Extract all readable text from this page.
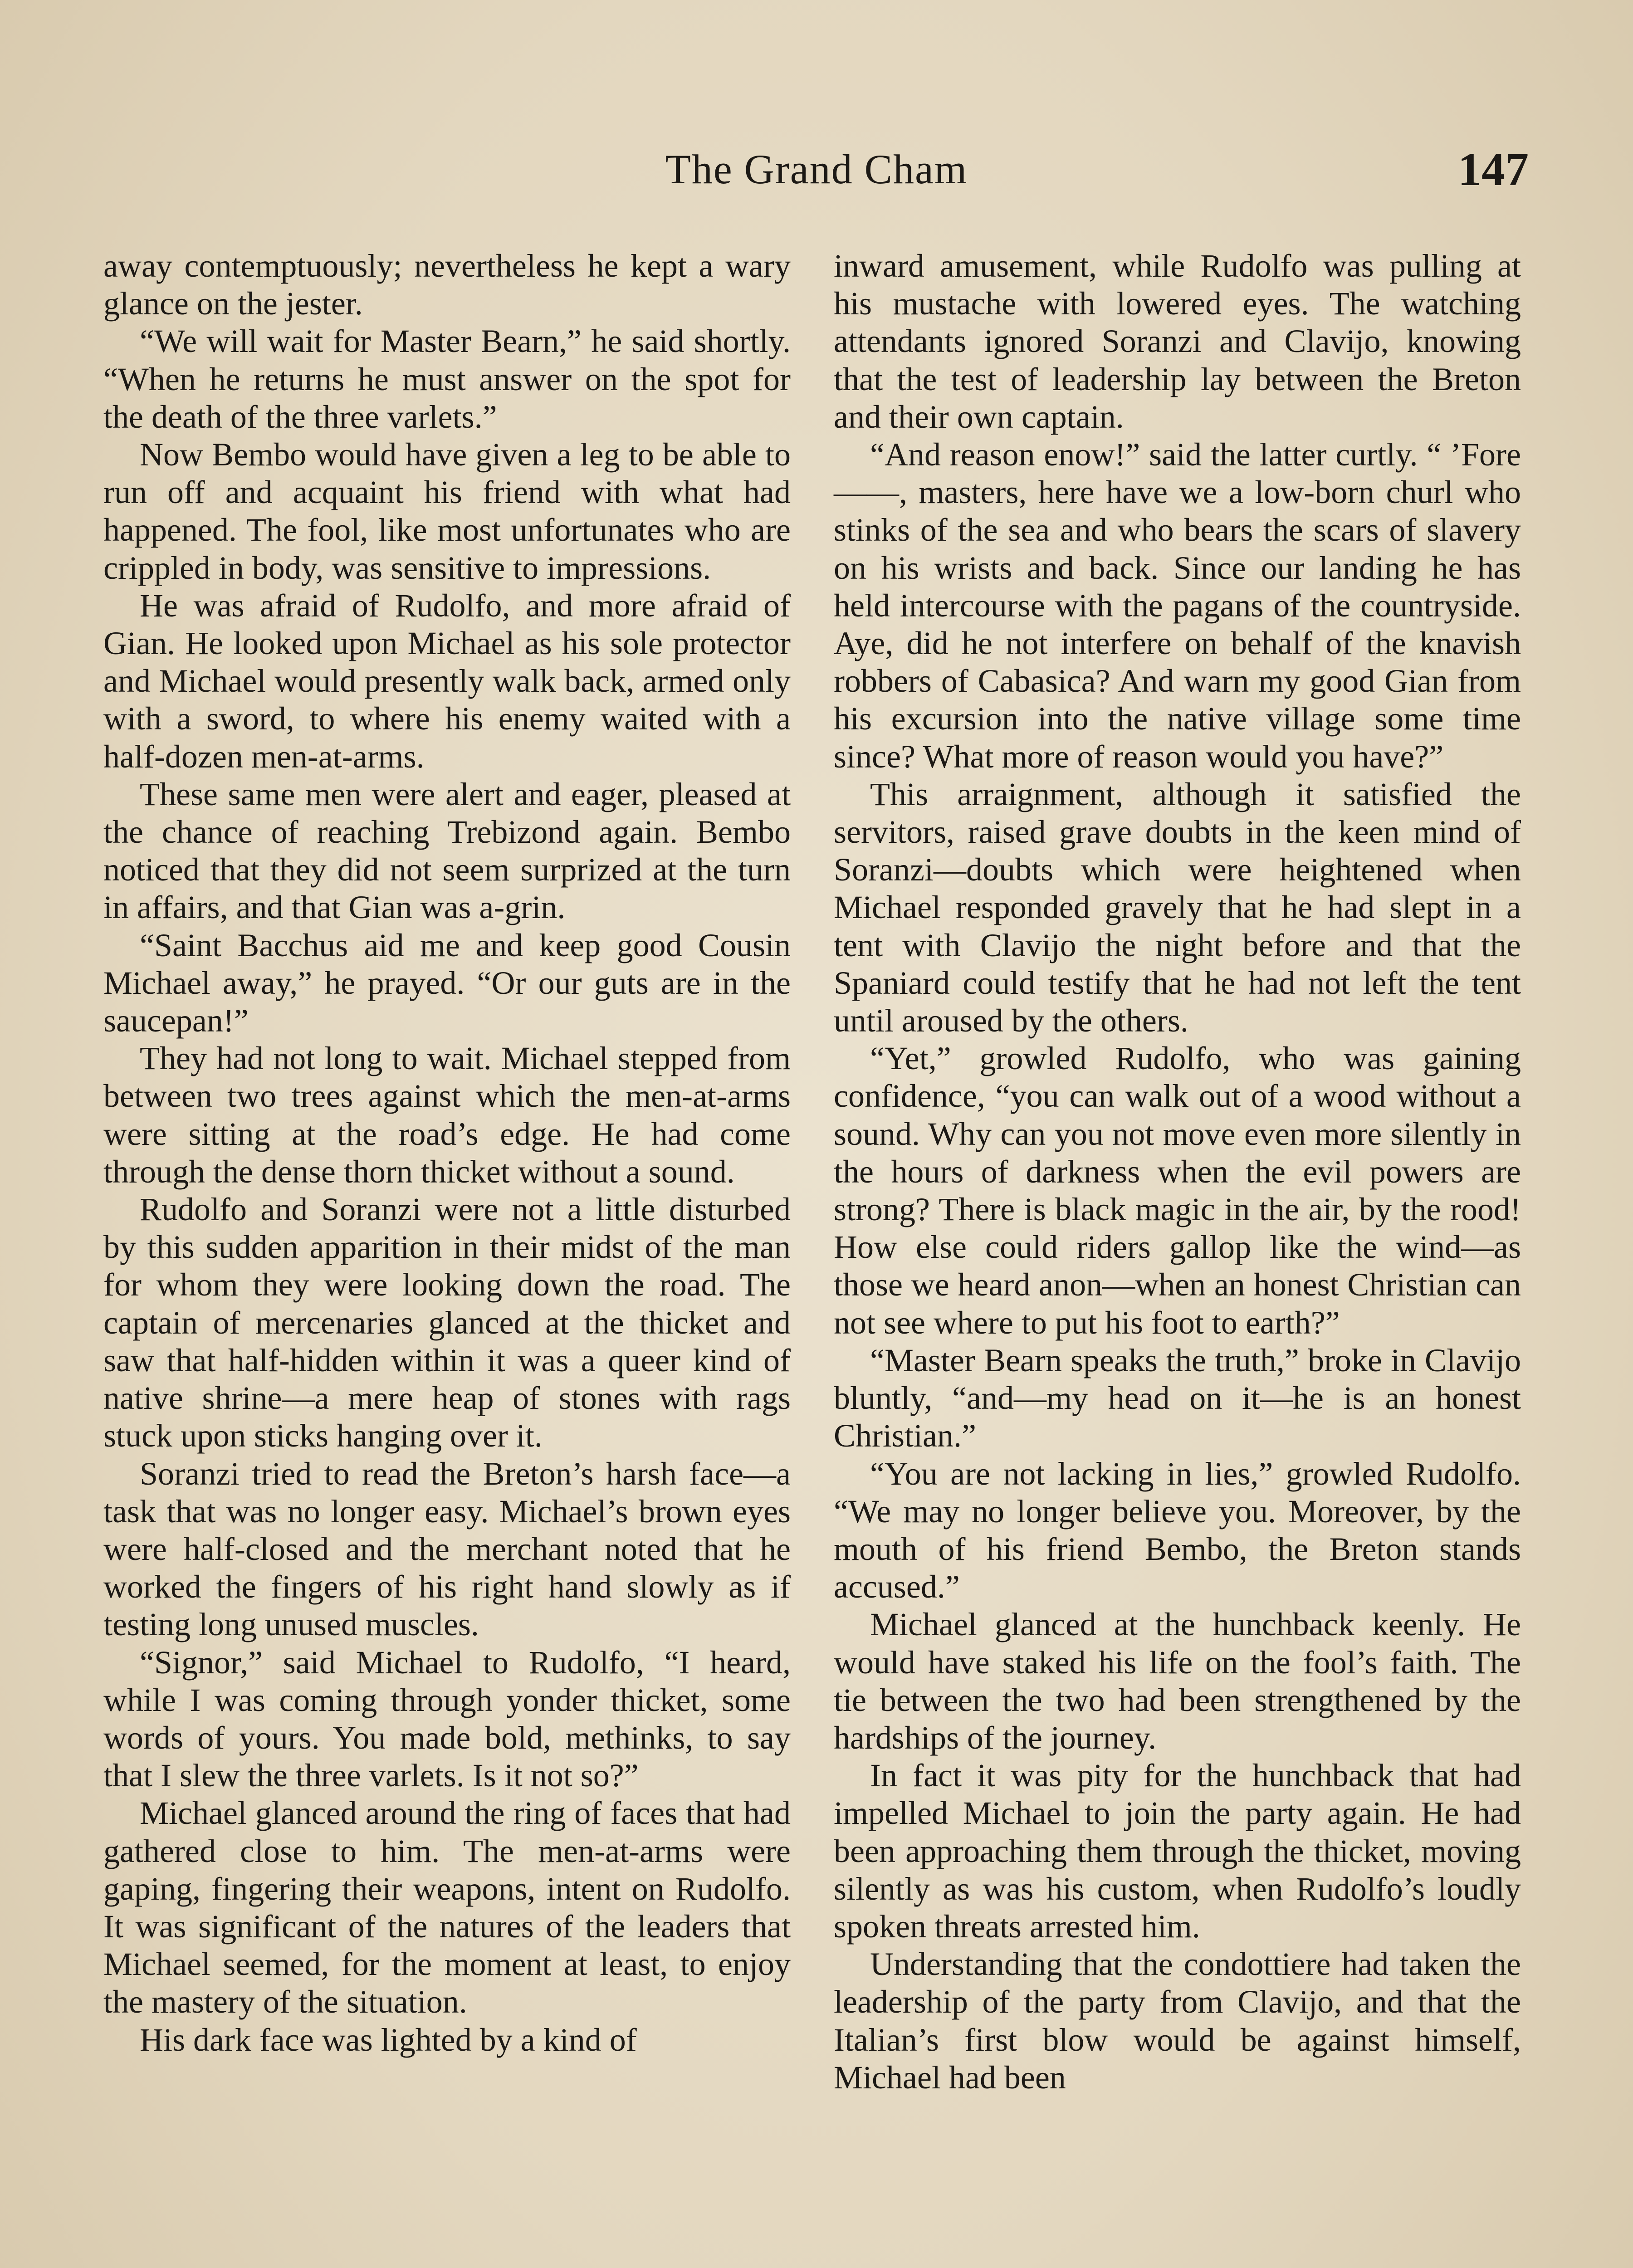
The Grand Cham	147

away contemptuously; nevertheless he kept a wary glance on the jester.

“We will wait for Master Bearn,” he said shortly. “When he returns he must answer on the spot for the death of the three varlets.”

Now Bembo would have given a leg to be able to run off and acquaint his friend with what had happened. The fool, like most unfortunates who are crippled in body, was sensitive to impressions.

He was afraid of Rudolfo, and more afraid of Gian. He looked upon Michael as his sole protector and Michael would presently walk back, armed only with a sword, to where his enemy waited with a half-dozen men-at-arms.

These same men were alert and eager, pleased at the chance of reaching Trebizond again. Bembo noticed that they did not seem surprized at the turn in affairs, and that Gian was a-grin.

“Saint Bacchus aid me and keep good Cousin Michael away,” he prayed. “Or our guts are in the saucepan!”

They had not long to wait. Michael stepped from between two trees against which the men-at-arms were sitting at the road’s edge. He had come through the dense thorn thicket without a sound.

Rudolfo and Soranzi were not a little disturbed by this sudden apparition in their midst of the man for whom they were looking down the road. The captain of mercenaries glanced at the thicket and saw that half-hidden within it was a queer kind of native shrine—a mere heap of stones with rags stuck upon sticks hanging over it.

Soranzi tried to read the Breton’s harsh face—a task that was no longer easy. Michael’s brown eyes were half-closed and the merchant noted that he worked the fingers of his right hand slowly as if testing long unused muscles.

“Signor,” said Michael to Rudolfo, “I heard, while I was coming through yonder thicket, some words of yours. You made bold, methinks, to say that I slew the three varlets. Is it not so?”

Michael glanced around the ring of faces that had gathered close to him. The men-at-arms were gaping, fingering their weapons, intent on Rudolfo. It was significant of the natures of the leaders that Michael seemed, for the moment at least, to enjoy the mastery of the situation.

His dark face was lighted by a kind of

inward amusement, while Rudolfo was pulling at his mustache with lowered eyes. The watching attendants ignored Soranzi and Clavijo, knowing that the test of leadership lay between the Breton and their own captain.

“And reason enow!” said the latter curtly. “ ’Fore ——, masters, here have we a low-born churl who stinks of the sea and who bears the scars of slavery on his wrists and back. Since our landing he has held intercourse with the pagans of the countryside. Aye, did he not interfere on behalf of the knavish robbers of Cabasica? And warn my good Gian from his excursion into the native village some time since? What more of reason would you have?”

This arraignment, although it satisfied the servitors, raised grave doubts in the keen mind of Soranzi—doubts which were heightened when Michael responded gravely that he had slept in a tent with Clavijo the night before and that the Spaniard could testify that he had not left the tent until aroused by the others.

“Yet,” growled Rudolfo, who was gaining confidence, “you can walk out of a wood without a sound. Why can you not move even more silently in the hours of darkness when the evil powers are strong? There is black magic in the air, by the rood! How else could riders gallop like the wind—as those we heard anon—when an honest Christian can not see where to put his foot to earth?”

“Master Bearn speaks the truth,” broke in Clavijo bluntly, “and—my head on it—he is an honest Christian.”

“You are not lacking in lies,” growled Rudolfo. “We may no longer believe you. Moreover, by the mouth of his friend Bembo, the Breton stands accused.”

Michael glanced at the hunchback keenly. He would have staked his life on the fool’s faith. The tie between the two had been strengthened by the hardships of the journey.

In fact it was pity for the hunchback that had impelled Michael to join the party again. He had been approaching them through the thicket, moving silently as was his custom, when Rudolfo’s loudly spoken threats arrested him.

Understanding that the condottiere had taken the leadership of the party from Clavijo, and that the Italian’s first blow would be against himself, Michael had been
